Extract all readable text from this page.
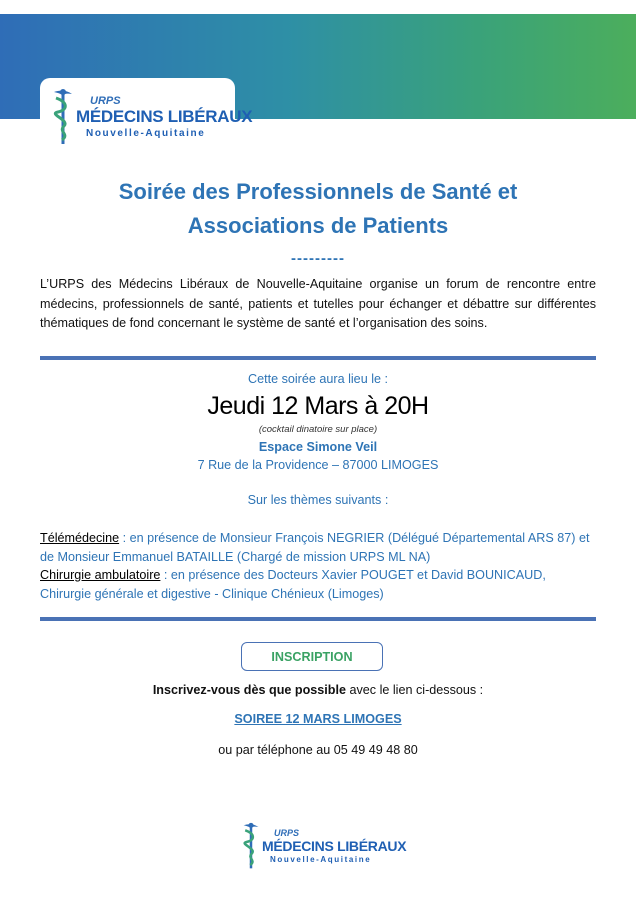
URPS
MÉDECINS LIBÉRAUX
Nouvelle-Aquitaine
Soirée des Professionnels de Santé et
Associations de Patients
---------

L’URPS des Médecins Libéraux de Nouvelle-Aquitaine organise un forum de rencontre entre médecins, professionnels de santé, patients et tutelles pour échanger et débattre sur différentes thématiques de fond concernant le système de santé et l’organisation des soins.

Cette soirée aura lieu le :
Jeudi 12 Mars à 20H
(cocktail dinatoire sur place)
Espace Simone Veil
7 Rue de la Providence – 87000 LIMOGES
Sur les thèmes suivants :
Télémédecine : en présence de Monsieur François NEGRIER (Délégué Départemental ARS 87) et de Monsieur Emmanuel BATAILLE (Chargé de mission URPS ML NA)
Chirurgie ambulatoire : en présence des Docteurs Xavier POUGET et David BOUNICAUD, Chirurgie générale et digestive - Clinique Chénieux (Limoges)
INSCRIPTION
Inscrivez-vous dès que possible avec le lien ci-dessous :
SOIREE 12 MARS LIMOGES
ou par téléphone au 05 49 49 48 80
URPS
MÉDECINS LIBÉRAUX
Nouvelle-Aquitaine
